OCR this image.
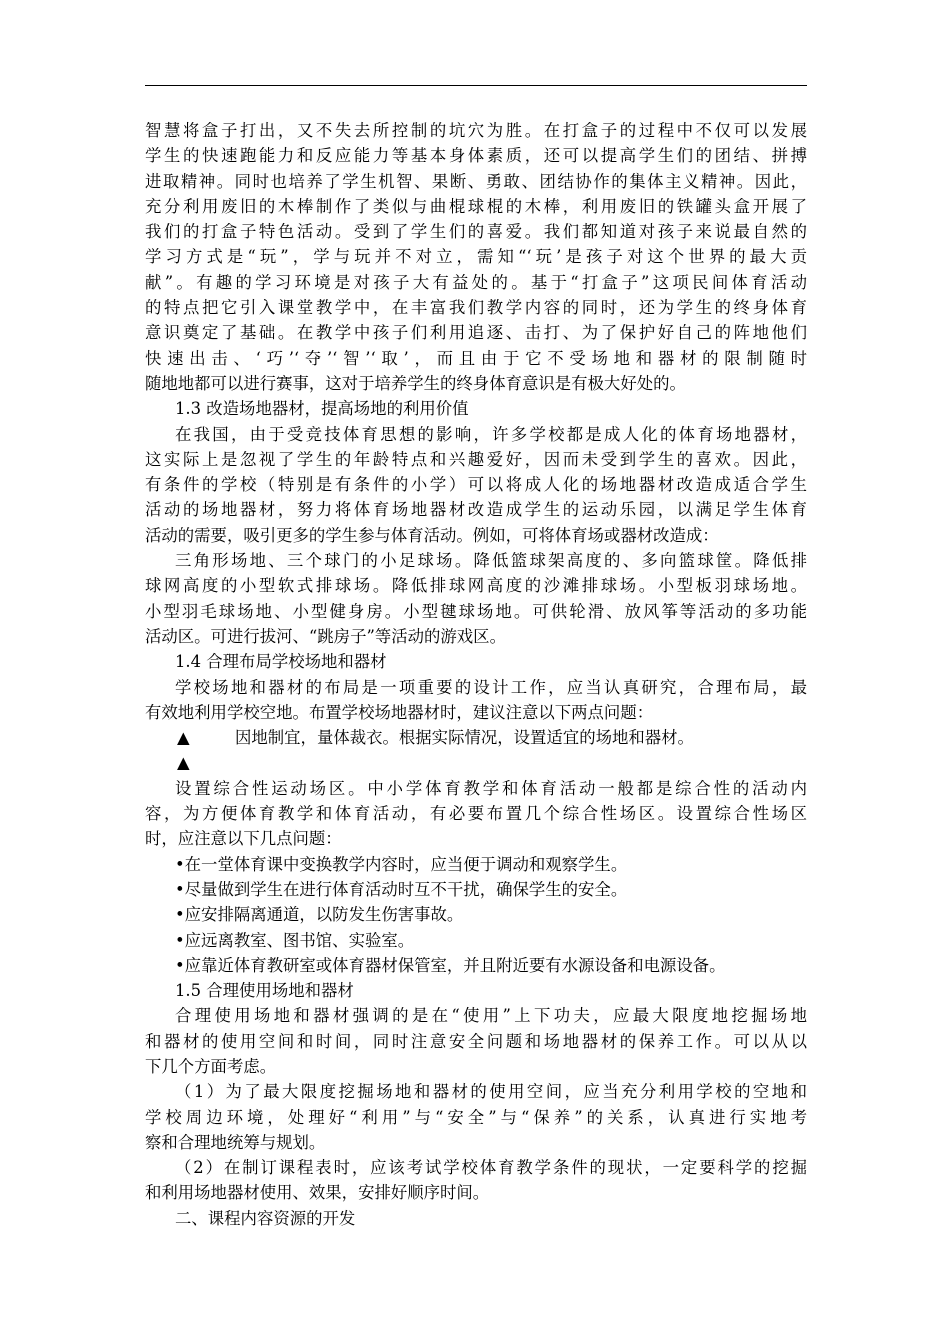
智慧将盒子打出，又不失去所控制的坑穴为胜。在打盒子的过程中不仅可以发展
学生的快速跑能力和反应能力等基本身体素质，还可以提高学生们的团结、拼搏
进取精神。同时也培养了学生机智、果断、勇敢、团结协作的集体主义精神。因此，
充分利用废旧的木棒制作了类似与曲棍球棍的木棒，利用废旧的铁罐头盒开展了
我们的打盒子特色活动。受到了学生们的喜爱。我们都知道对孩子来说最自然的
学习方式是“玩”，学与玩并不对立，需知“‘玩’是孩子对这个世界的最大贡
献”。有趣的学习环境是对孩子大有益处的。基于“打盒子”这项民间体育活动
的特点把它引入课堂教学中，在丰富我们教学内容的同时，还为学生的终身体育
意识奠定了基础。在教学中孩子们利用追逐、击打、为了保护好自己的阵地他们
快速出击、‘巧’‘夺’‘智’‘取’，而且由于它不受场地和器材的限制随时
随地地都可以进行赛事，这对于培养学生的终身体育意识是有极大好处的。
1.3 改造场地器材，提高场地的利用价值
在我国，由于受竞技体育思想的影响，许多学校都是成人化的体育场地器材，
这实际上是忽视了学生的年龄特点和兴趣爱好，因而未受到学生的喜欢。因此，
有条件的学校（特别是有条件的小学）可以将成人化的场地器材改造成适合学生
活动的场地器材，努力将体育场地器材改造成学生的运动乐园，以满足学生体育
活动的需要，吸引更多的学生参与体育活动。例如，可将体育场或器材改造成：
三角形场地、三个球门的小足球场。降低篮球架高度的、多向篮球筐。降低排
球网高度的小型软式排球场。降低排球网高度的沙滩排球场。小型板羽球场地。
小型羽毛球场地、小型健身房。小型毽球场地。可供轮滑、放风筝等活动的多功能
活动区。可进行拔河、“跳房子”等活动的游戏区。
1.4 合理布局学校场地和器材
学校场地和器材的布局是一项重要的设计工作，应当认真研究，合理布局，最
有效地利用学校空地。布置学校场地器材时，建议注意以下两点问题：
▲	因地制宜，量体裁衣。根据实际情况，设置适宜的场地和器材。
▲
设置综合性运动场区。中小学体育教学和体育活动一般都是综合性的活动内
容，为方便体育教学和体育活动，有必要布置几个综合性场区。设置综合性场区
时，应注意以下几点问题：
•在一堂体育课中变换教学内容时，应当便于调动和观察学生。
•尽量做到学生在进行体育活动时互不干扰，确保学生的安全。
•应安排隔离通道，以防发生伤害事故。
•应远离教室、图书馆、实验室。
•应靠近体育教研室或体育器材保管室，并且附近要有水源设备和电源设备。
1.5 合理使用场地和器材
合理使用场地和器材强调的是在“使用”上下功夫，应最大限度地挖掘场地
和器材的使用空间和时间，同时注意安全问题和场地器材的保养工作。可以从以
下几个方面考虑。
（1）为了最大限度挖掘场地和器材的使用空间，应当充分利用学校的空地和
学校周边环境，处理好“利用”与“安全”与“保养”的关系，认真进行实地考
察和合理地统筹与规划。
（2）在制订课程表时，应该考试学校体育教学条件的现状，一定要科学的挖掘
和利用场地器材使用、效果，安排好顺序时间。
二、课程内容资源的开发
